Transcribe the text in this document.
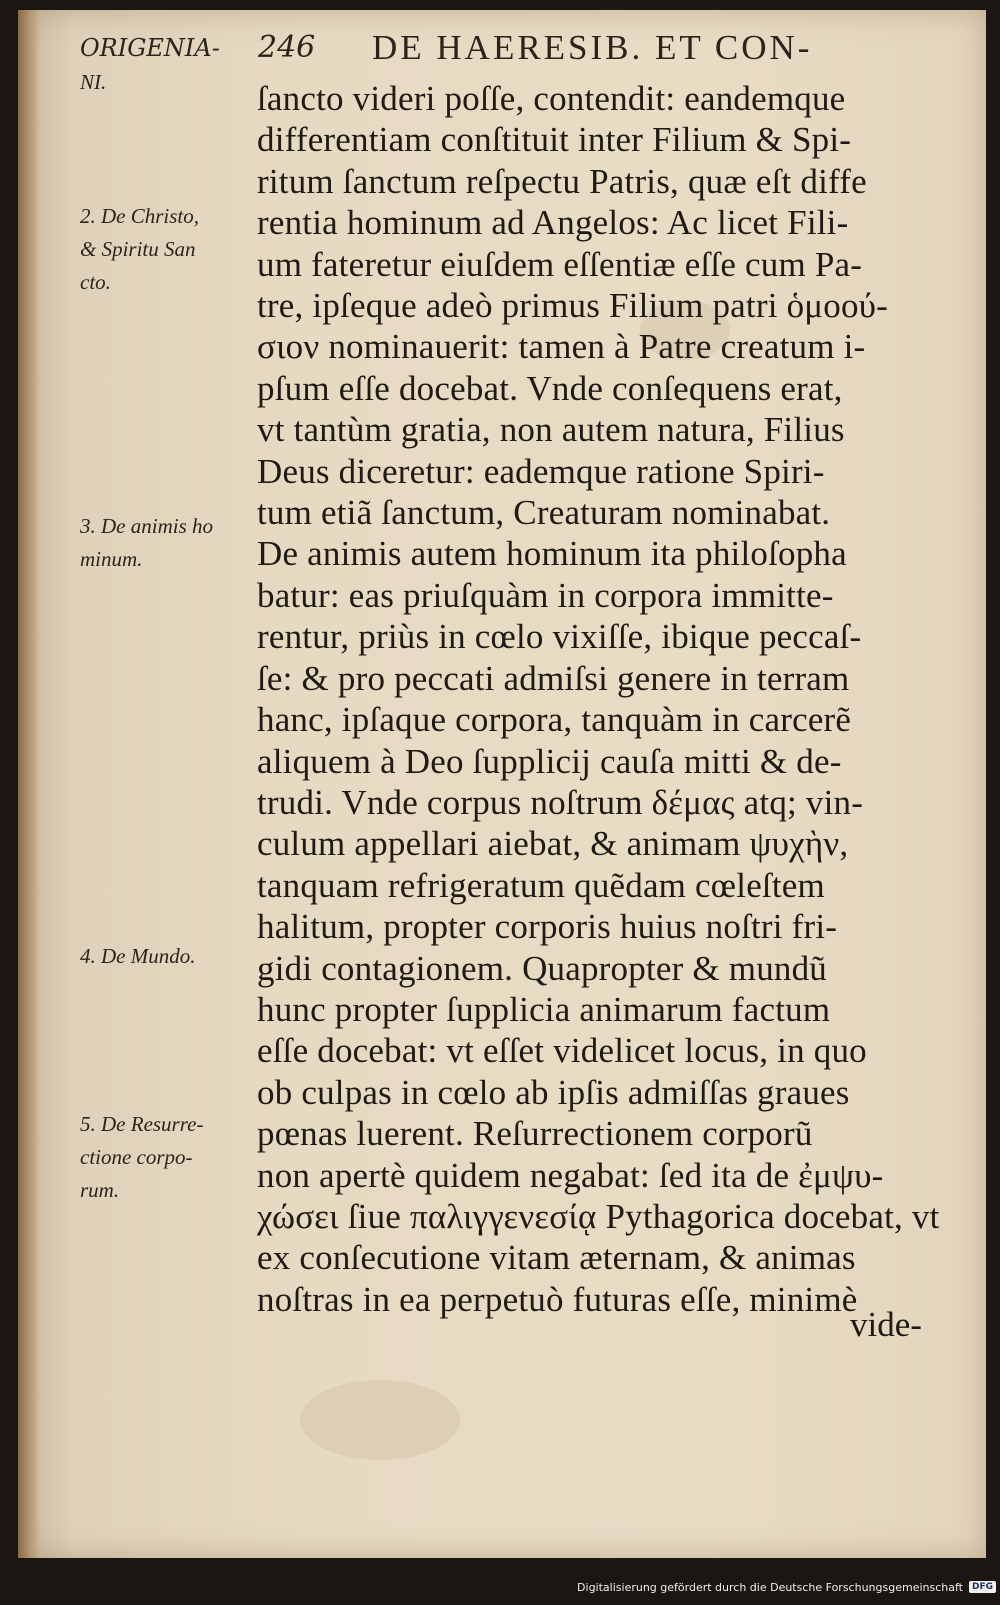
ORIGENIA- 246 DE HAERESIB. ET CON-
NI.
2. De Christo,
& Spiritu San
cto.
3. De animis ho
minum.
4. De Mundo.
5. De Resurre-
ctione corpo-
rum.
ſancto videri poſſe, contendit: eandemque
differentiam conſtituit inter Filium & Spi-
ritum ſanctum reſpectu Patris, quæ eſt diffe
rentia hominum ad Angelos: Ac licet Fili-
um fateretur eiuſdem eſſentiæ eſſe cum Pa-
tre, ipſeque adeò primus Filium patri ὁμοού-
σιον nominauerit: tamen à Patre creatum i-
pſum eſſe docebat. Vnde conſequens erat,
vt tantùm gratia, non autem natura, Filius
Deus diceretur: eademque ratione Spiri-
tum etiã ſanctum, Creaturam nominabat.
De animis autem hominum ita philoſopha
batur: eas priuſquàm in corpora immitte-
rentur, priùs in cœlo vixiſſe, ibique peccaſ-
ſe: & pro peccati admiſsi genere in terram
hanc, ipſaque corpora, tanquàm in carcerẽ
aliquem à Deo ſupplicij cauſa mitti & de-
trudi. Vnde corpus noſtrum δέμας atq; vin-
culum appellari aiebat, & animam ψυχὴν,
tanquam refrigeratum quẽdam cœleſtem
halitum, propter corporis huius noſtri fri-
gidi contagionem. Quapropter & mundũ
hunc propter ſupplicia animarum factum
eſſe docebat: vt eſſet videlicet locus, in quo
ob culpas in cœlo ab ipſis admiſſas graues
pœnas luerent. Reſurrectionem corporũ
non apertè quidem negabat: ſed ita de ἐμψυ-
χώσει ſiue παλιγγενεσίᾳ Pythagorica docebat, vt
ex conſecutione vitam æternam, & animas
noſtras in ea perpetuò futuras eſſe, minimè
vide-
Digitalisierung gefördert durch die Deutsche Forschungsgemeinschaft	DFG
